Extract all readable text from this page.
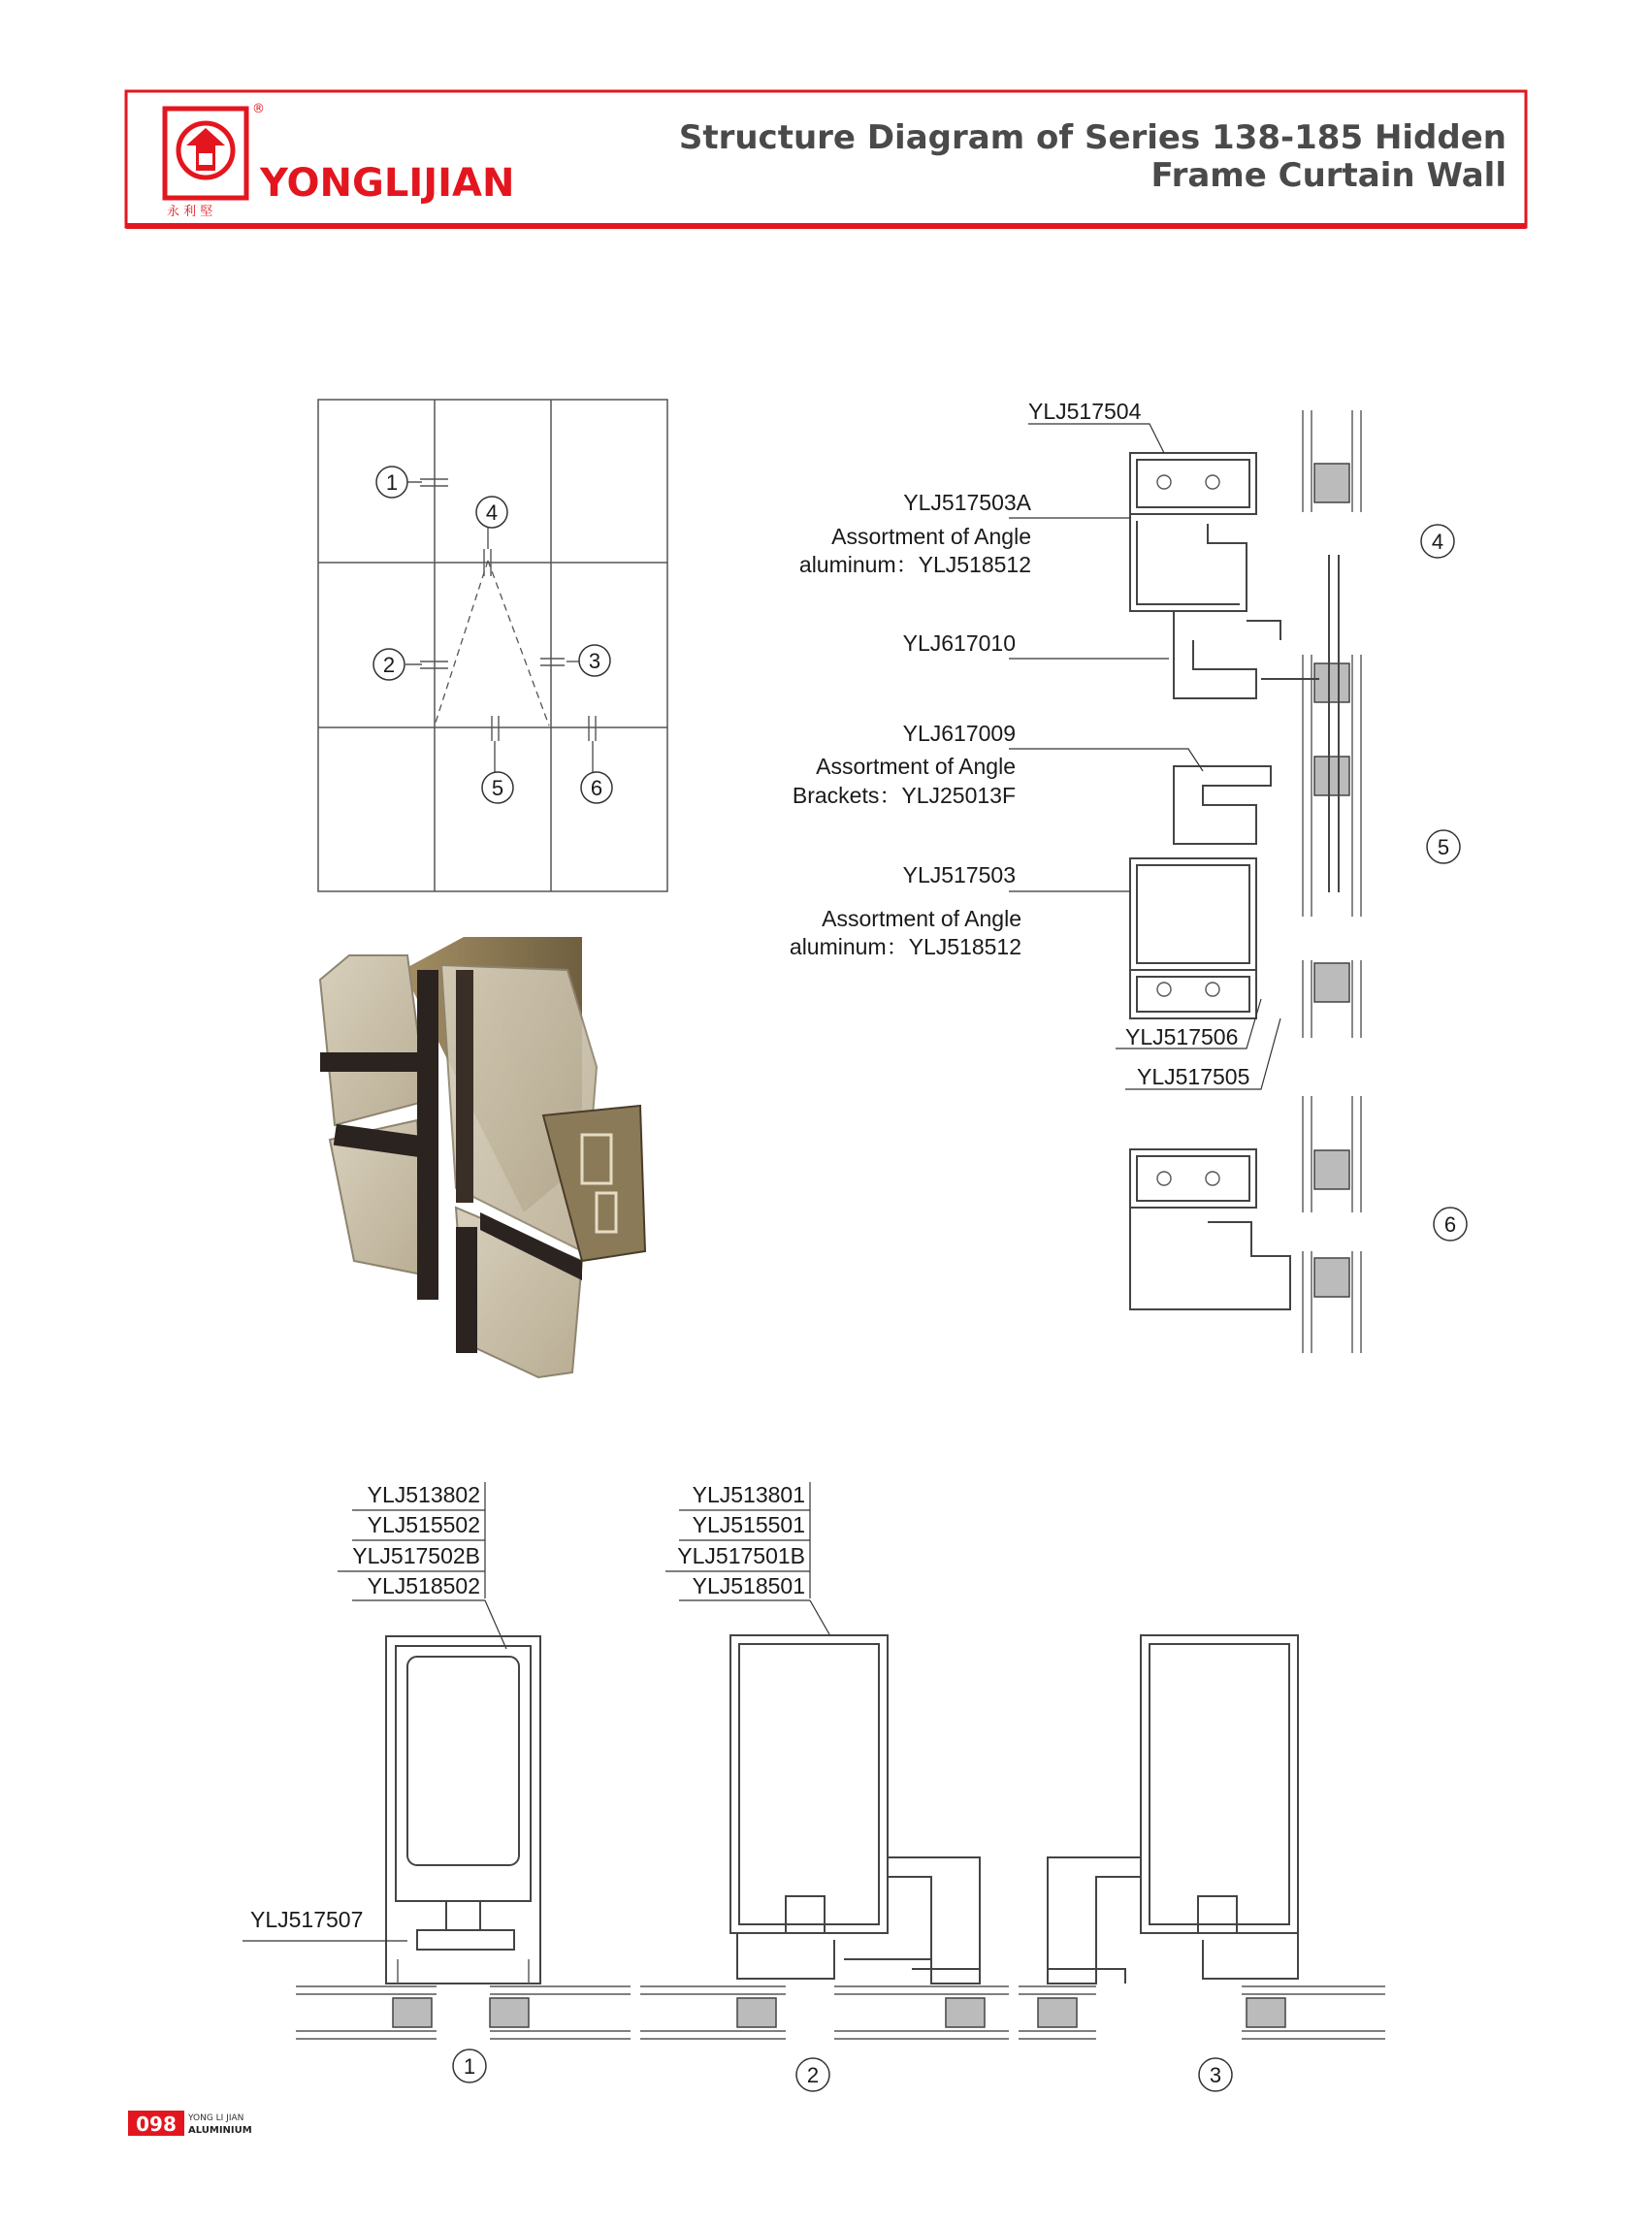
®
永 利 堅
YONGLIJIAN
Structure Diagram of Series 138-185 Hidden
Frame Curtain Wall
1
2	3
4
5	6
YLJ517504
YLJ517503A
Assortment of Angle
aluminum：YLJ518512
YLJ617010
YLJ617009
Assortment of Angle
Brackets：YLJ25013F
YLJ517503
Assortment of Angle
aluminum：YLJ518512
YLJ517506
YLJ517505
4
5
6
YLJ513802
YLJ515502
YLJ517502B
YLJ518502
YLJ513801
YLJ515501
YLJ517501B
YLJ518501
YLJ517507
1	2	3
098 YONG LI JIAN
ALUMINIUM
